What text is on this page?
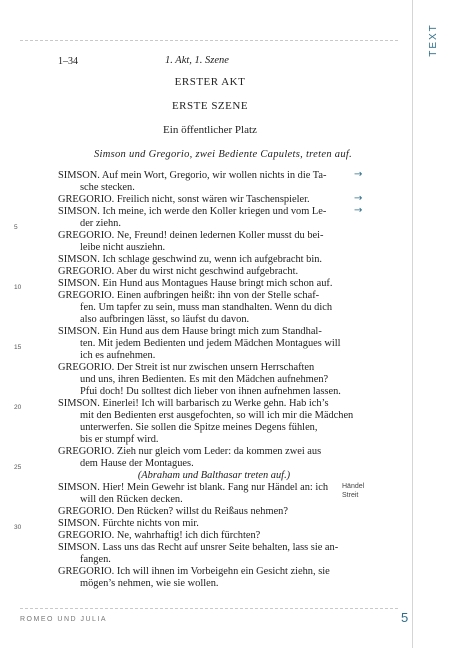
TEXT
1–34	1. Akt, 1. Szene
ERSTER AKT
ERSTE SZENE
Ein öffentlicher Platz
Simson und Gregorio, zwei Bediente Capulets, treten auf.
5
10
15
20
25
30
SIMSON. Auf mein Wort, Gregorio, wir wollen nichts in die Ta-
sche stecken.
GREGORIO. Freilich nicht, sonst wären wir Taschenspieler.
SIMSON. Ich meine, ich werde den Koller kriegen und vom Le-
der ziehn.
GREGORIO. Ne, Freund! deinen ledernen Koller musst du bei-
leibe nicht ausziehn.
SIMSON. Ich schlage geschwind zu, wenn ich aufgebracht bin.
GREGORIO. Aber du wirst nicht geschwind aufgebracht.
SIMSON. Ein Hund aus Montagues Hause bringt mich schon auf.
GREGORIO. Einen aufbringen heißt: ihn von der Stelle schaf-
fen. Um tapfer zu sein, muss man standhalten. Wenn du dich
also aufbringen lässt, so läufst du davon.
SIMSON. Ein Hund aus dem Hause bringt mich zum Standhal-
ten. Mit jedem Bedienten und jedem Mädchen Montagues will
ich es aufnehmen.
GREGORIO. Der Streit ist nur zwischen unsern Herrschaften
und uns, ihren Bedienten. Es mit den Mädchen aufnehmen?
Pfui doch! Du solltest dich lieber von ihnen aufnehmen lassen.
SIMSON. Einerlei! Ich will barbarisch zu Werke gehn. Hab ich’s
mit den Bedienten erst ausgefochten, so will ich mir die Mädchen
unterwerfen. Sie sollen die Spitze meines Degens fühlen,
bis er stumpf wird.
GREGORIO. Zieh nur gleich vom Leder: da kommen zwei aus
dem Hause der Montagues.
(Abraham und Balthasar treten auf.)
SIMSON. Hier! Mein Gewehr ist blank. Fang nur Händel an: ich
will den Rücken decken.
GREGORIO. Den Rücken? willst du Reißaus nehmen?
SIMSON. Fürchte nichts von mir.
GREGORIO. Ne, wahrhaftig! ich dich fürchten?
SIMSON. Lass uns das Recht auf unsrer Seite behalten, lass sie an-
fangen.
GREGORIO. Ich will ihnen im Vorbeigehn ein Gesicht ziehn, sie
mögen’s nehmen, wie sie wollen.
→
→
→
Händel
Streit
ROMEO UND JULIA	5
